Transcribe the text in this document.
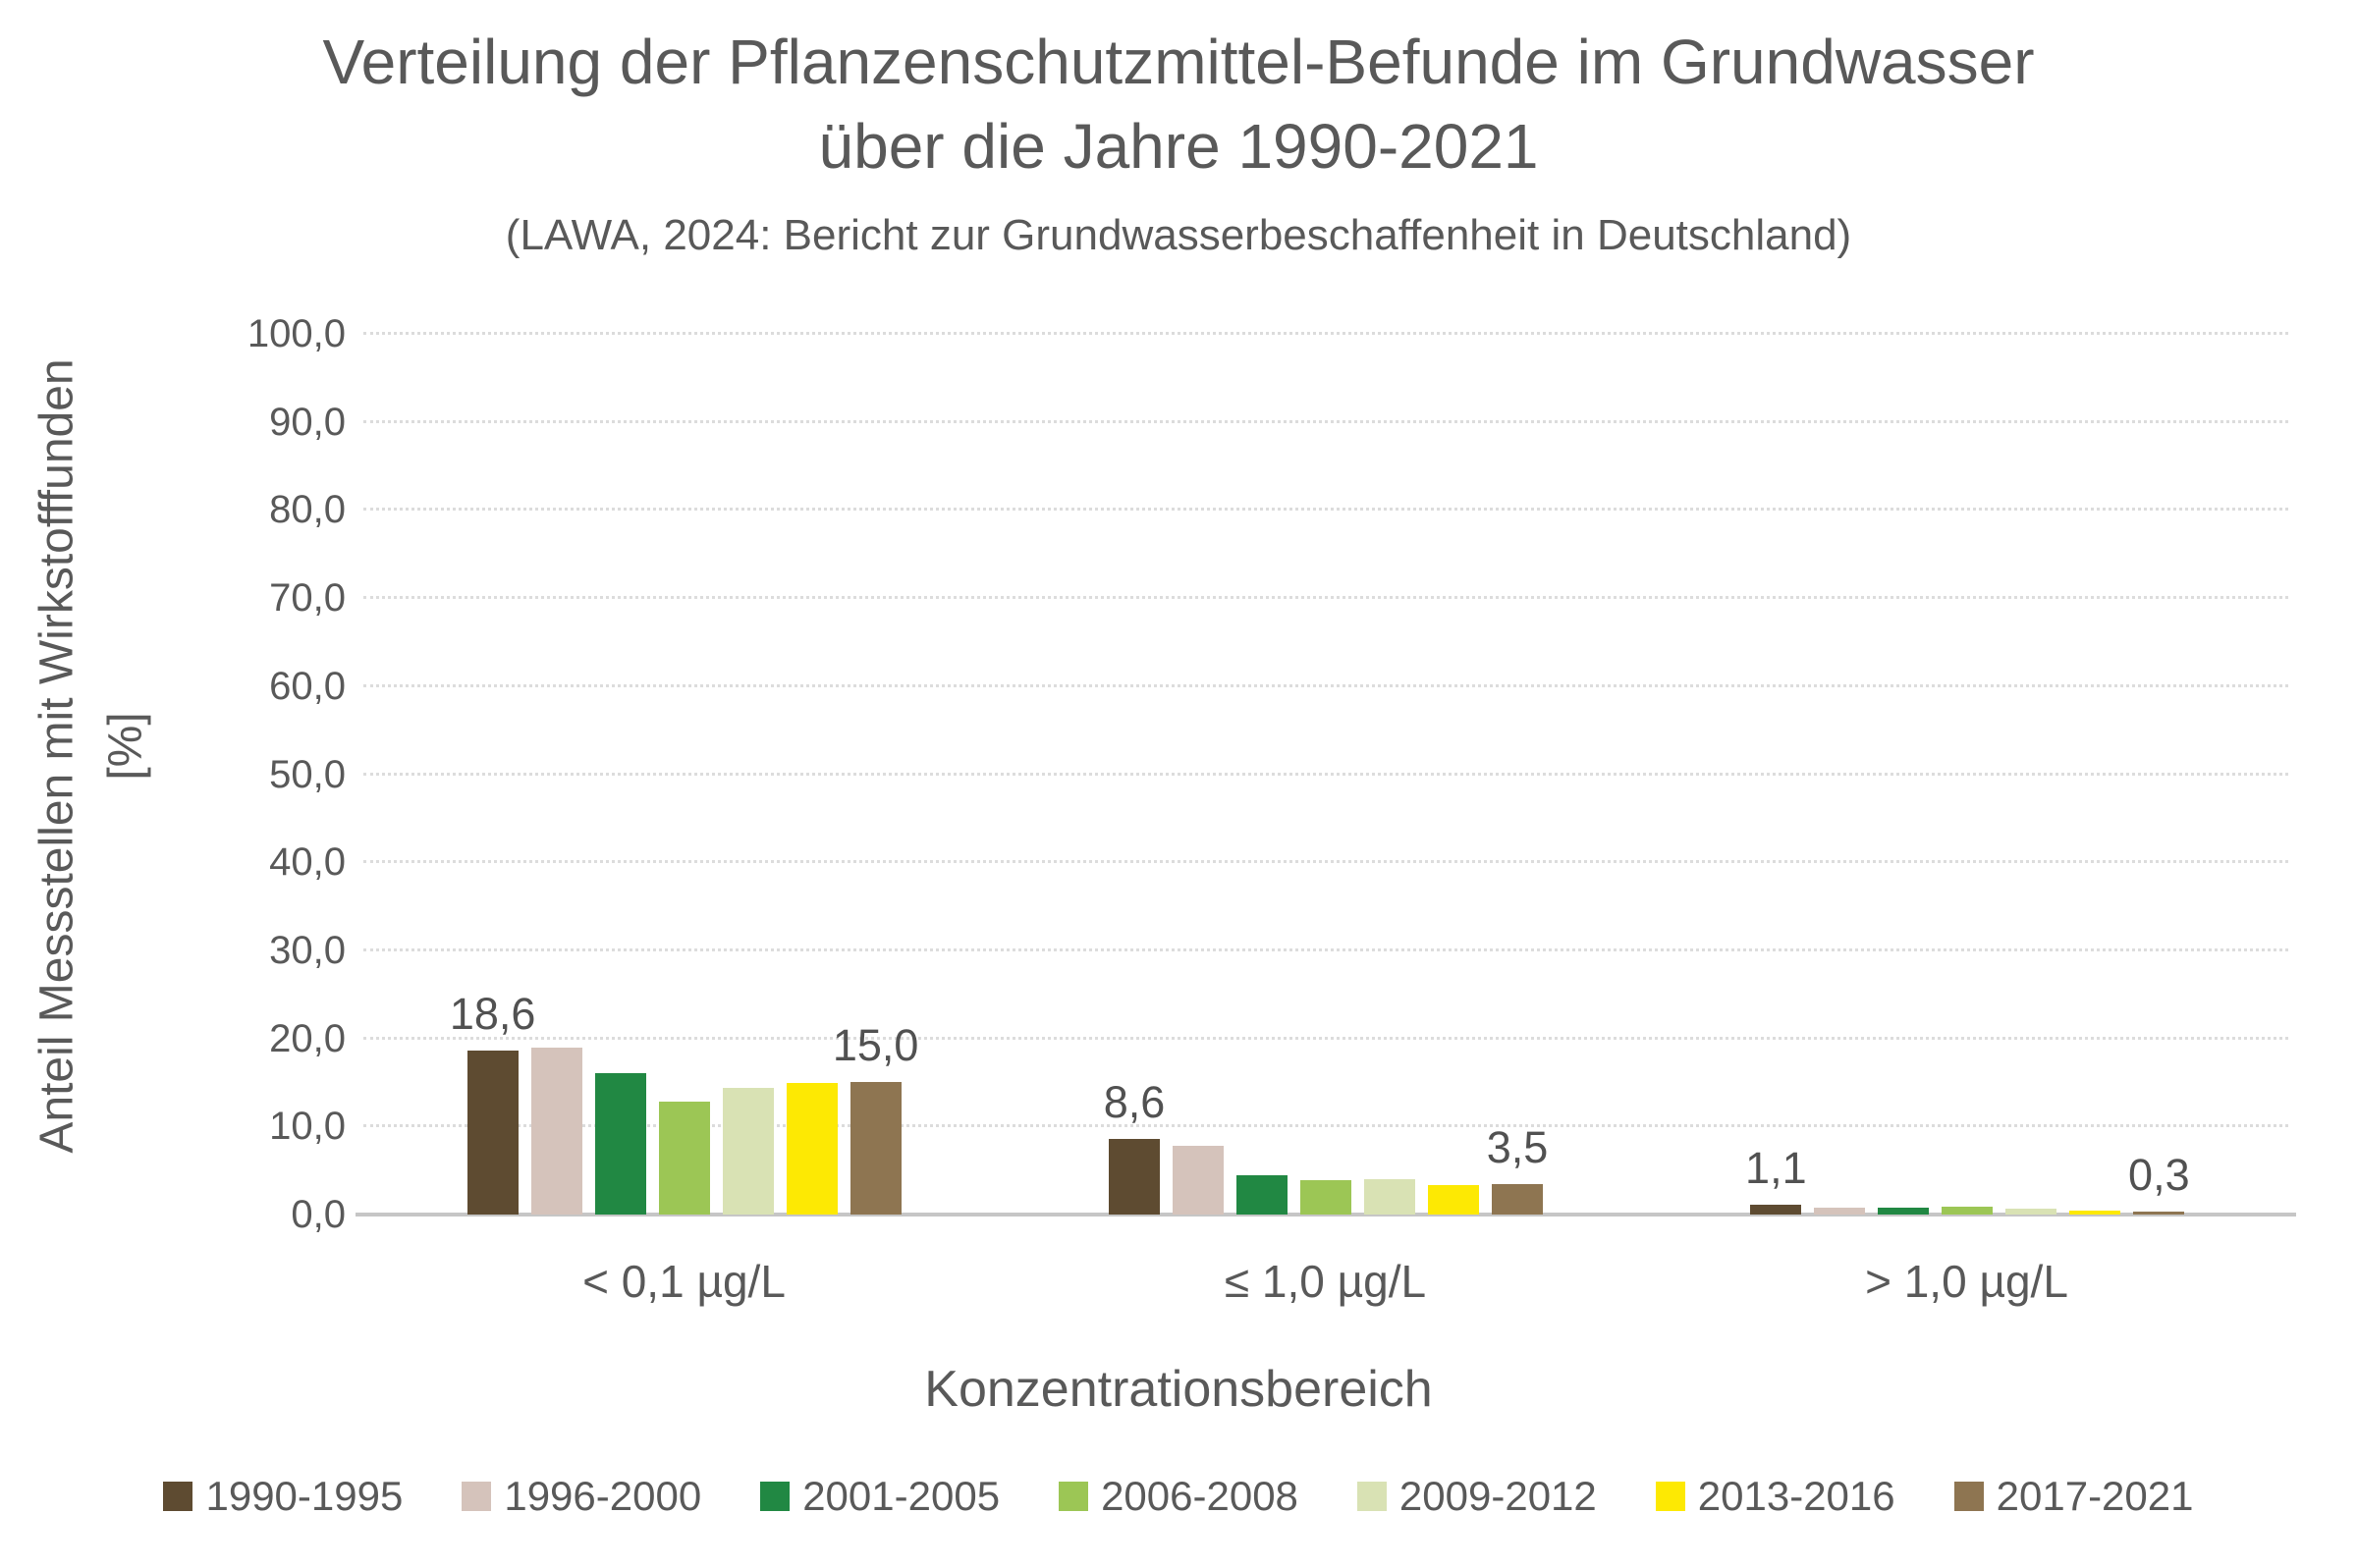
Verteilung der Pflanzenschutzmittel-Befunde im Grundwasser
über die Jahre 1990-2021
(LAWA, 2024: Bericht zur Grundwasserbeschaffenheit in Deutschland)
Anteil Messstellen mit Wirkstofffunden [%]
0,0
10,0
20,0
30,0
40,0
50,0
60,0
70,0
80,0
90,0
100,0
18,6
15,0
8,6
3,5	1,1	0,3
< 0,1 µg/L	≤ 1,0 µg/L	> 1,0 µg/L
Konzentrationsbereich
1990-1995 1996-2000 2001-2005 2006-2008 2009-2012 2013-2016 2017-2021
